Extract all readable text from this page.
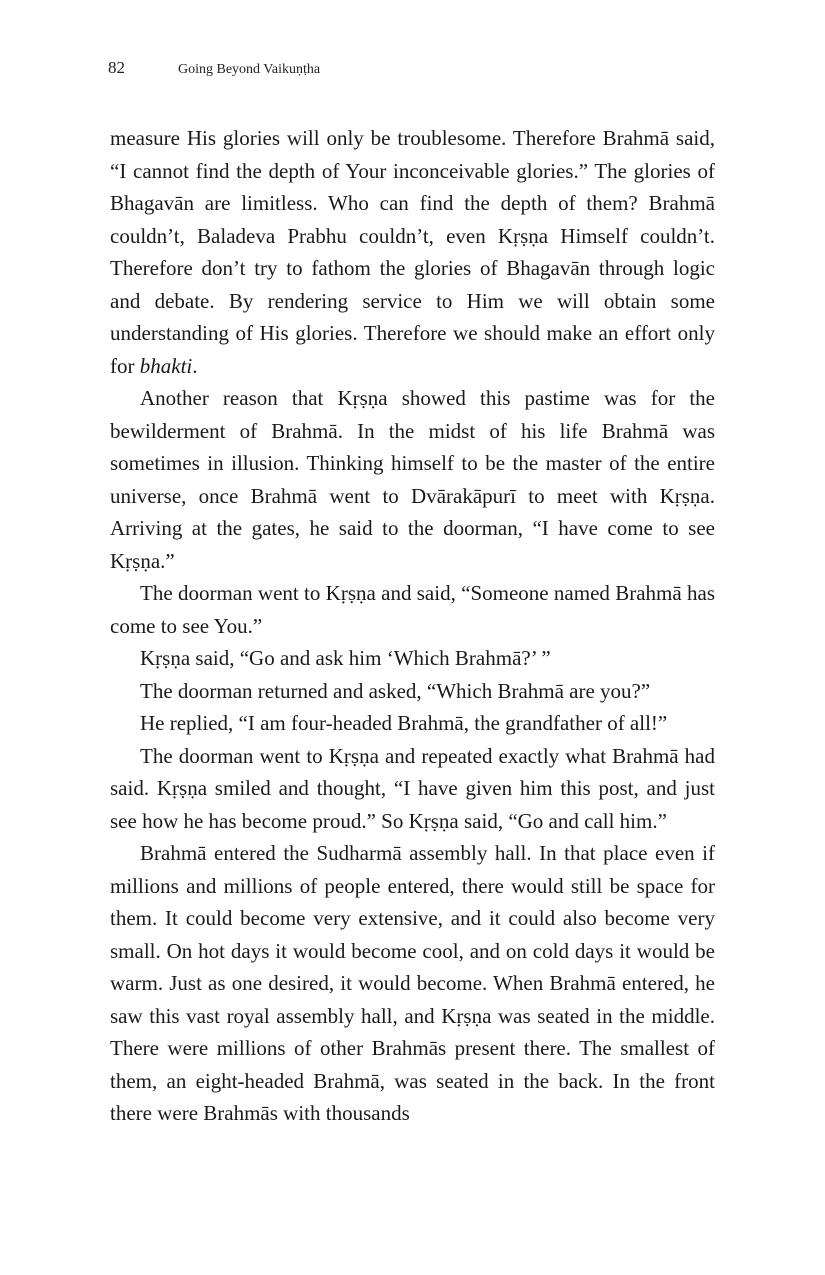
82	Going Beyond Vaikuṇṭha

measure His glories will only be troublesome. Therefore Brahmā said, “I cannot find the depth of Your inconceivable glories.” The glories of Bhagavān are limitless. Who can find the depth of them? Brahmā couldn’t, Baladeva Prabhu couldn’t, even Kṛṣṇa Himself couldn’t. Therefore don’t try to fathom the glories of Bhagavān through logic and debate. By rendering service to Him we will obtain some understanding of His glories. Therefore we should make an effort only for bhakti.

Another reason that Kṛṣṇa showed this pastime was for the bewilderment of Brahmā. In the midst of his life Brahmā was sometimes in illusion. Thinking himself to be the master of the entire universe, once Brahmā went to Dvārakāpurī to meet with Kṛṣṇa. Arriving at the gates, he said to the doorman, “I have come to see Kṛṣṇa.”

The doorman went to Kṛṣṇa and said, “Someone named Brahmā has come to see You.”

Kṛṣṇa said, “Go and ask him ‘Which Brahmā?’ ”

The doorman returned and asked, “Which Brahmā are you?”

He replied, “I am four-headed Brahmā, the grandfather of all!”

The doorman went to Kṛṣṇa and repeated exactly what Brahmā had said. Kṛṣṇa smiled and thought, “I have given him this post, and just see how he has become proud.” So Kṛṣṇa said, “Go and call him.”

Brahmā entered the Sudharmā assembly hall. In that place even if millions and millions of people entered, there would still be space for them. It could become very extensive, and it could also become very small. On hot days it would become cool, and on cold days it would be warm. Just as one desired, it would become. When Brahmā entered, he saw this vast royal assembly hall, and Kṛṣṇa was seated in the middle. There were millions of other Brahmās present there. The smallest of them, an eight-headed Brahmā, was seated in the back. In the front there were Brahmās with thousands
